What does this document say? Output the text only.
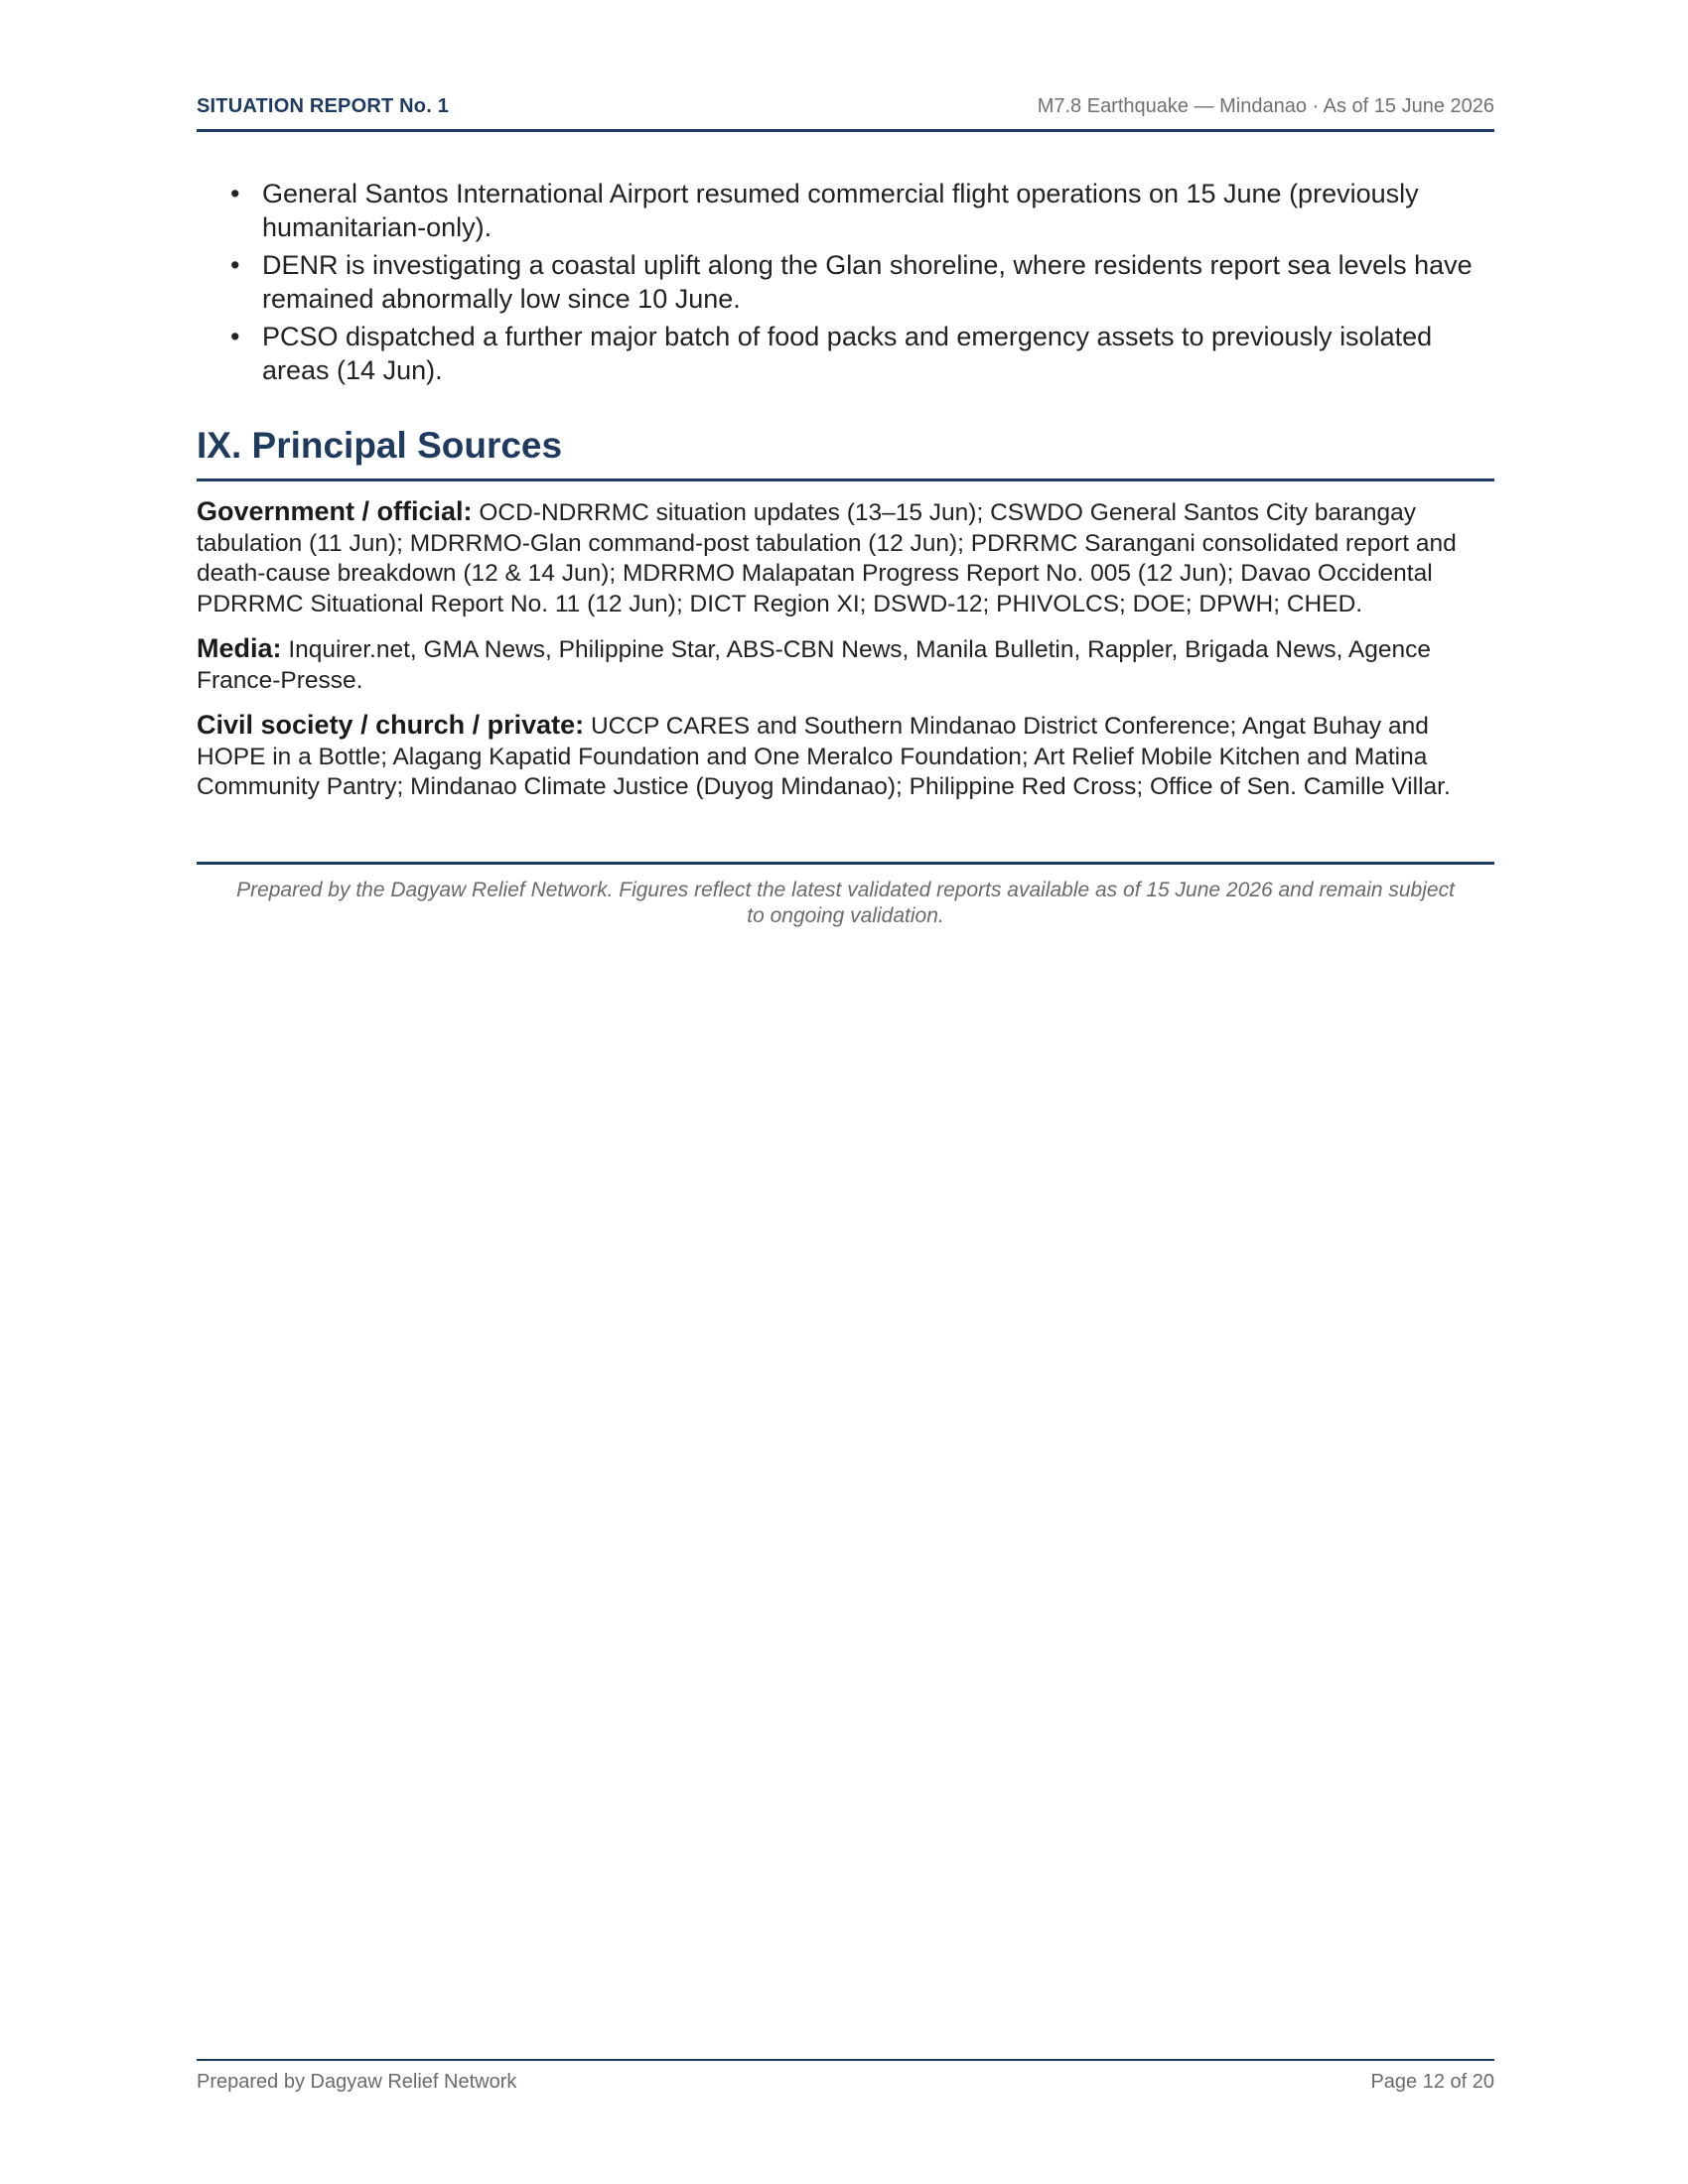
SITUATION REPORT No. 1	M7.8 Earthquake — Mindanao · As of 15 June 2026
• General Santos International Airport resumed commercial flight operations on 15 June (previously humanitarian-only).
• DENR is investigating a coastal uplift along the Glan shoreline, where residents report sea levels have remained abnormally low since 10 June.
• PCSO dispatched a further major batch of food packs and emergency assets to previously isolated areas (14 Jun).
IX. Principal Sources

Government / official: OCD-NDRRMC situation updates (13–15 Jun); CSWDO General Santos City barangay tabulation (11 Jun); MDRRMO-Glan command-post tabulation (12 Jun); PDRRMC Sarangani consolidated report and death-cause breakdown (12 & 14 Jun); MDRRMO Malapatan Progress Report No. 005 (12 Jun); Davao Occidental PDRRMC Situational Report No. 11 (12 Jun); DICT Region XI; DSWD-12; PHIVOLCS; DOE; DPWH; CHED.

Media: Inquirer.net, GMA News, Philippine Star, ABS-CBN News, Manila Bulletin, Rappler, Brigada News, Agence France-Presse.

Civil society / church / private: UCCP CARES and Southern Mindanao District Conference; Angat Buhay and HOPE in a Bottle; Alagang Kapatid Foundation and One Meralco Foundation; Art Relief Mobile Kitchen and Matina Community Pantry; Mindanao Climate Justice (Duyog Mindanao); Philippine Red Cross; Office of Sen. Camille Villar.

Prepared by the Dagyaw Relief Network. Figures reflect the latest validated reports available as of 15 June 2026 and remain subject to ongoing validation.

Prepared by Dagyaw Relief Network	Page 12 of 20
